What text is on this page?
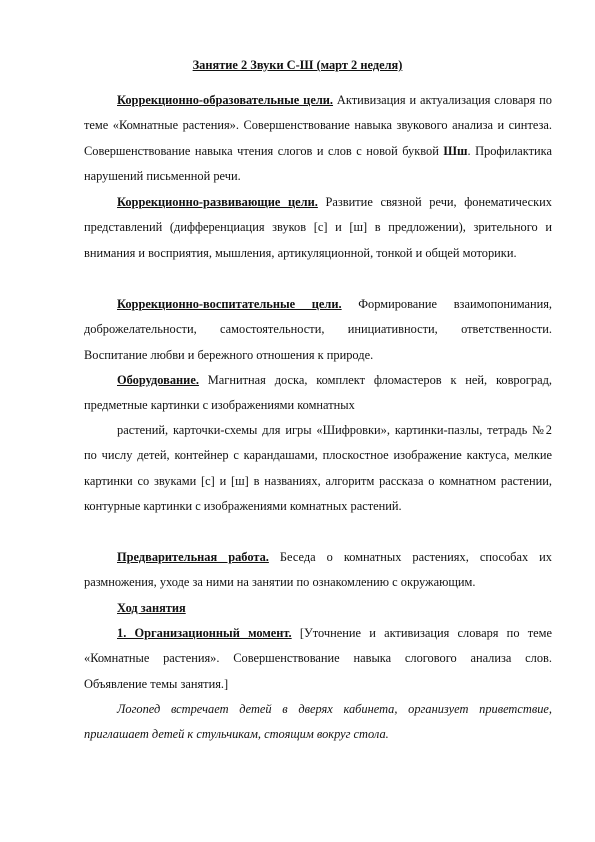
Занятие 2 Звуки С-Ш (март 2 неделя)

Коррекционно-образовательные цели. Активизация и актуализация словаря по теме «Комнатные растения». Совершенствование навыка звукового анализа и синтеза. Совершенствование навыка чтения слогов и слов с новой буквой Шш. Профилактика нарушений письменной речи.

Коррекционно-развивающие цели. Развитие связной речи, фонематических представлений (дифференциация звуков [с] и [ш] в предложении), зрительного и внимания и восприятия, мышления, артикуляционной, тонкой и общей моторики.

Коррекционно-воспитательные цели. Формирование взаимопонимания, доброжелательности, самостоятельности, инициативности, ответственности. Воспитание любви и бережного отношения к природе.

Оборудование. Магнитная доска, комплект фломастеров к ней, ковроград, предметные картинки с изображениями комнатных

растений, карточки-схемы для игры «Шифровки», картинки-пазлы, тетрадь №2 по числу детей, контейнер с карандашами, плоскостное изображение кактуса, мелкие картинки со звуками [с] и [ш] в названиях, алгоритм рассказа о комнатном растении, контурные картинки с изображениями комнатных растений.

Предварительная работа. Беседа о комнатных растениях, способах их размножения, уходе за ними на занятии по ознакомлению с окружающим.

Ход занятия

1. Организационный момент. [Уточнение и активизация словаря по теме «Комнатные растения». Совершенствование навыка слогового анализа слов. Объявление темы занятия.]

Логопед встречает детей в дверях кабинета, организует приветствие, приглашает детей к стульчикам, стоящим вокруг стола.
